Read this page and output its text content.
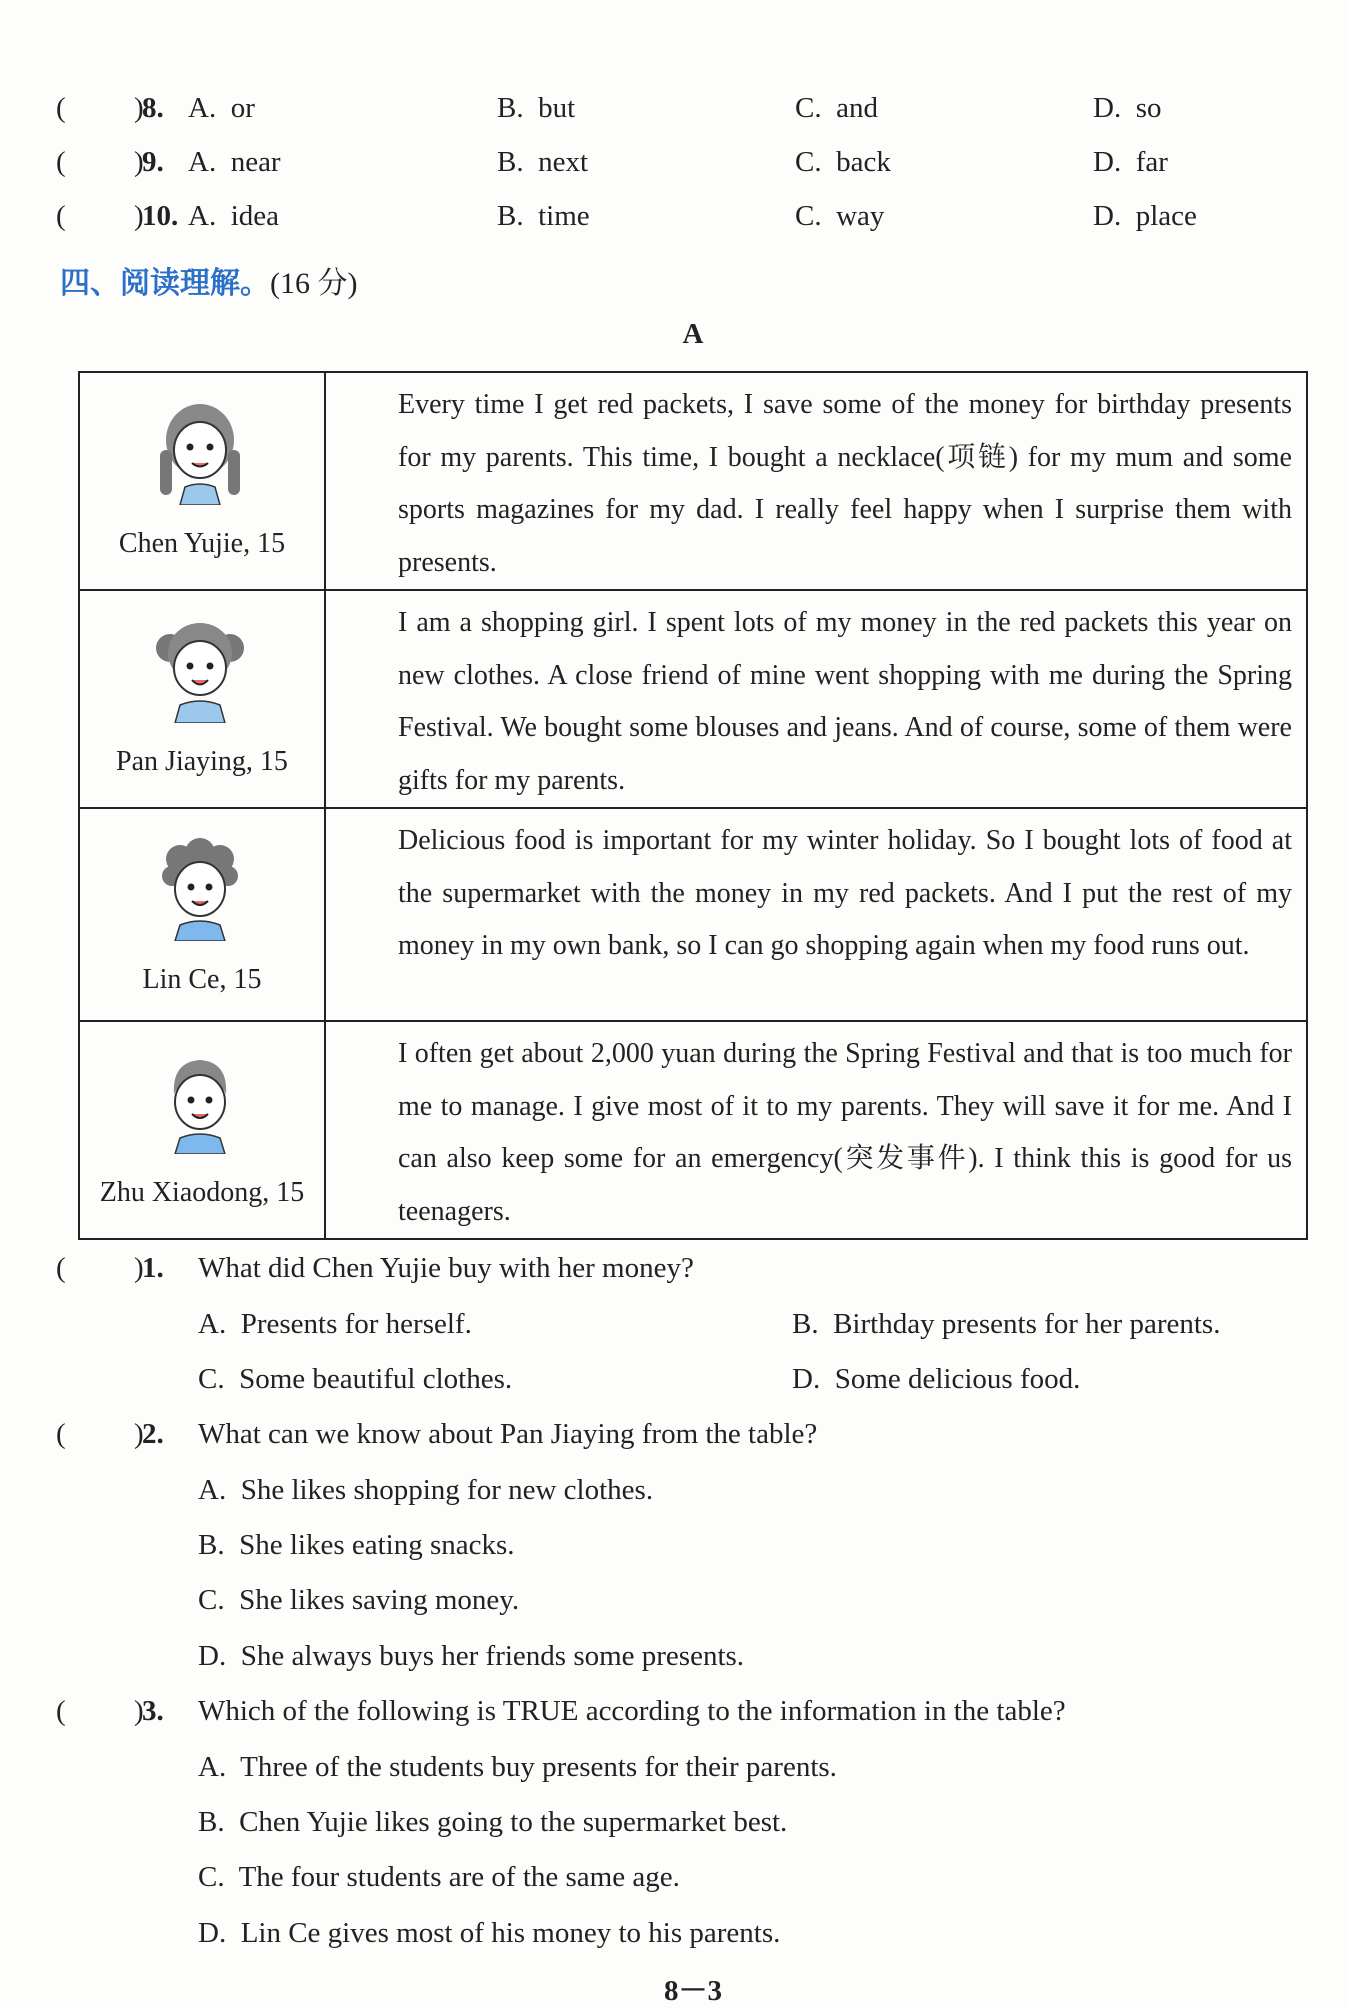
( )
8. A.  or	B.  but	C.  and	D.  so
( )
9. A.  near	B.  next	C.  back	D.  far
( )
10. A.  idea	B.  time	C.  way	D.  place
四、阅读理解。(16 分)
A
Chen Yujie, 15	Every time I get red packets, I save some of the money for birthday presents for my parents. This time, I bought a necklace(项链) for my mum and some sports magazines for my dad. I really feel happy when I surprise them with presents.

Pan Jiaying, 15	I am a shopping girl. I spent lots of my money in the red packets this year on new clothes. A close friend of mine went shopping with me during the Spring Festival. We bought some blouses and jeans. And of course, some of them were gifts for my parents.

Lin Ce, 15	Delicious food is important for my winter holiday. So I bought lots of food at the supermarket with the money in my red packets. And I put the rest of my money in my own bank, so I can go shopping again when my food runs out.

Zhu Xiaodong, 15	I often get about 2,000 yuan during the Spring Festival and that is too much for me to manage. I give most of it to my parents. They will save it for me. And I can also keep some for an emergency(突发事件). I think this is good for us teenagers.
( )
1. What did Chen Yujie buy with her money?
A.  Presents for herself.	B.  Birthday presents for her parents.
C.  Some beautiful clothes.	D.  Some delicious food.
( )
2. What can we know about Pan Jiaying from the table?
A.  She likes shopping for new clothes.
B.  She likes eating snacks.
C.  She likes saving money.
D.  She always buys her friends some presents.
( )
3. Which of the following is TRUE according to the information in the table?
A.  Three of the students buy presents for their parents.
B.  Chen Yujie likes going to the supermarket best.
C.  The four students are of the same age.
D.  Lin Ce gives most of his money to his parents.
8－3
